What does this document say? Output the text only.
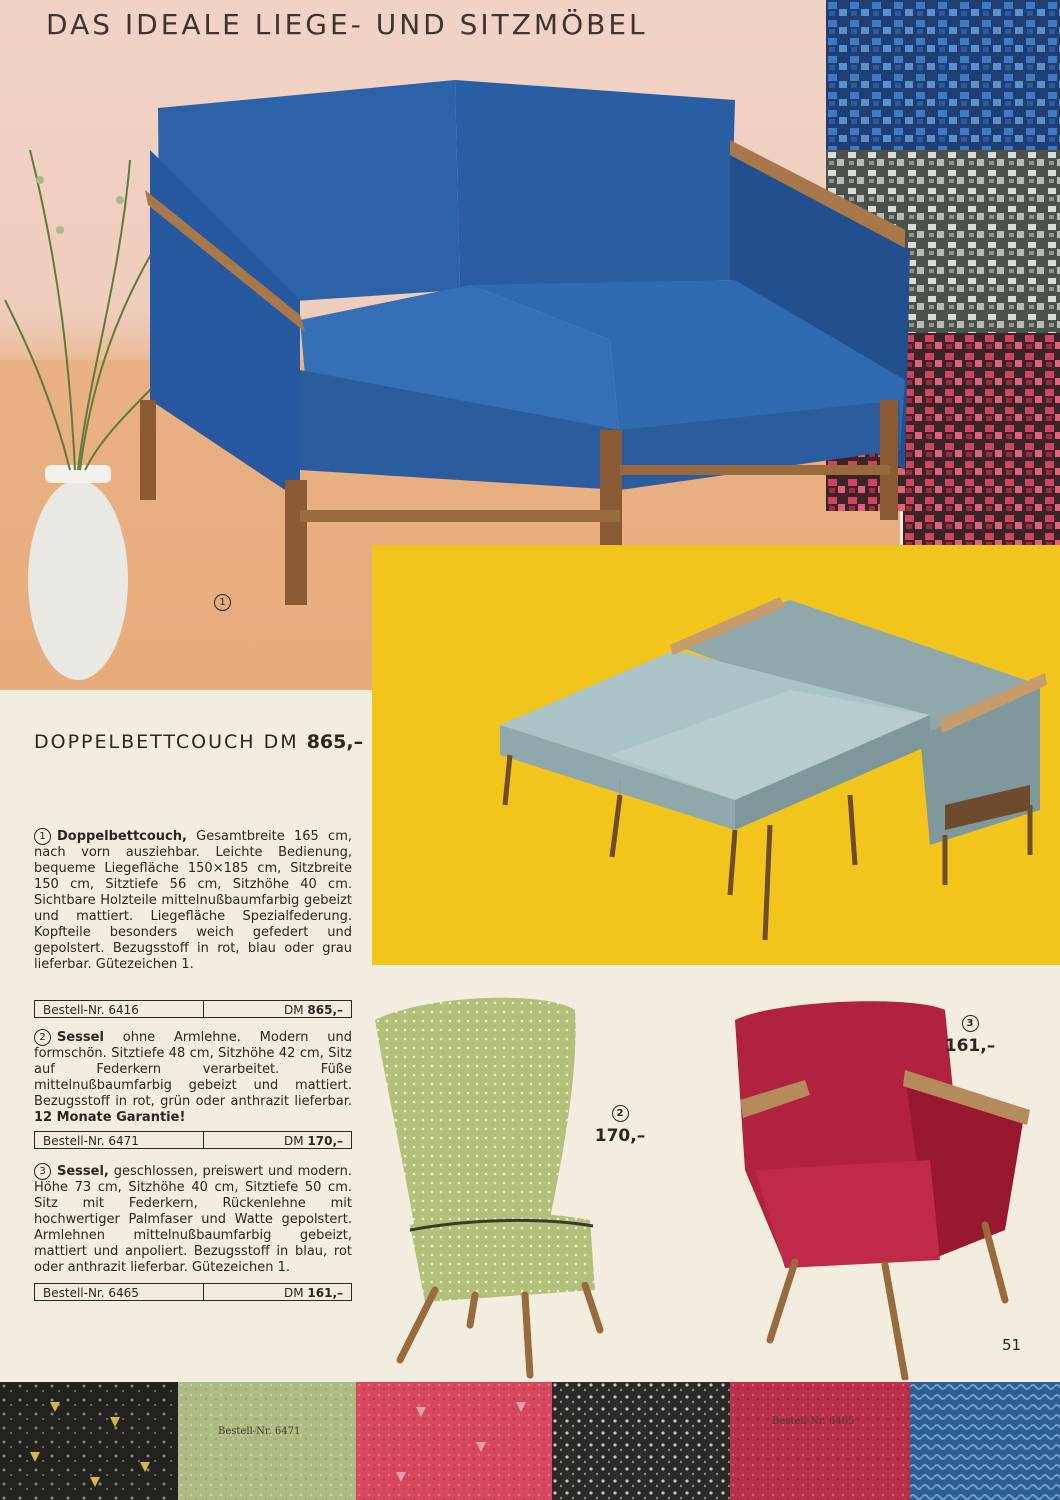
DAS IDEALE LIEGE- UND SITZMÖBEL
1
DOPPELBETTCOUCH DM 865,–
1 Doppelbettcouch, Gesamtbreite 165 cm, nach vorn ausziehbar. Leichte Bedienung, bequeme Liegefläche 150×185 cm, Sitzbreite 150 cm, Sitztiefe 56 cm, Sitzhöhe 40 cm. Sichtbare Holzteile mittelnußbaumfarbig gebeizt und mattiert. Liegefläche Spezialfederung. Kopfteile besonders weich gefedert und gepolstert. Bezugsstoff in rot, blau oder grau lieferbar. Gütezeichen 1.
Bestell-Nr. 6416	DM 865,–
2 Sessel ohne Armlehne. Modern und formschön. Sitztiefe 48 cm, Sitzhöhe 42 cm, Sitz auf Federkern verarbeitet. Füße mittelnußbaumfarbig gebeizt und mattiert. Bezugsstoff in rot, grün oder anthrazit lieferbar. 12 Monate Garantie!
Bestell-Nr. 6471	DM 170,–
3 Sessel, geschlossen, preiswert und modern. Höhe 73 cm, Sitzhöhe 40 cm, Sitztiefe 50 cm. Sitz mit Federkern, Rückenlehne mit hochwertiger Palmfaser und Watte gepolstert. Armlehnen mittelnußbaumfarbig gebeizt, mattiert und anpoliert. Bezugsstoff in blau, rot oder anthrazit lieferbar. Gütezeichen 1.
Bestell-Nr. 6465	DM 161,–
2
170,–
3
161,–
51
Bestell-Nr. 6471
Bestell-Nr. 6465
